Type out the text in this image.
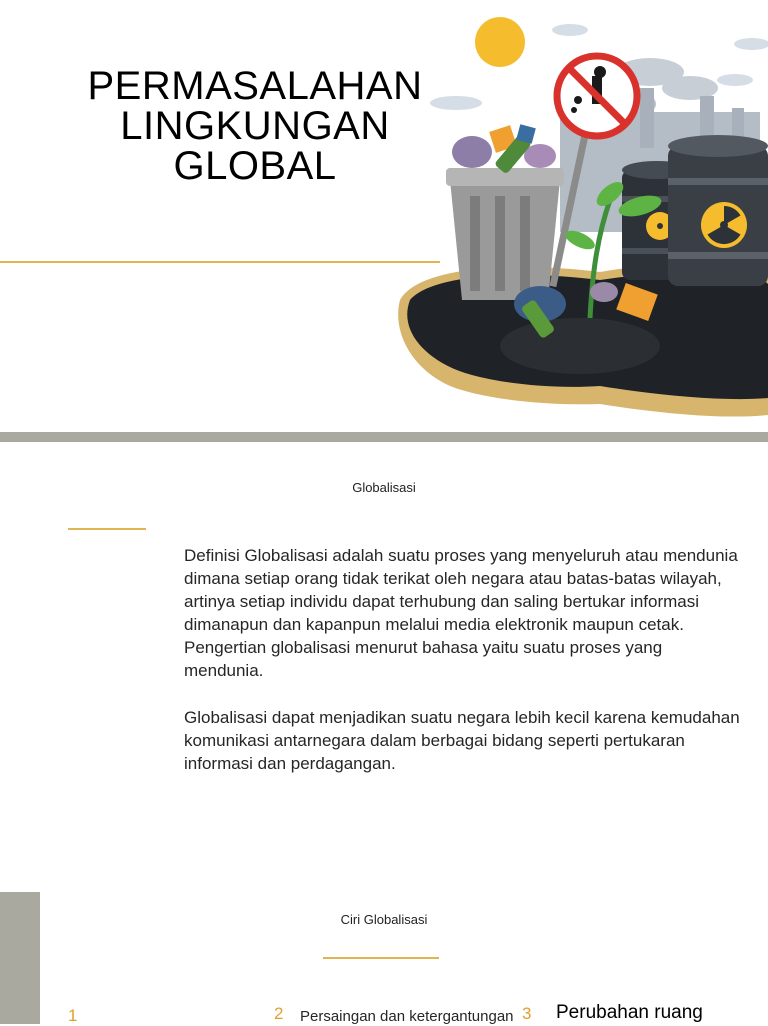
PERMASALAHAN
LINGKUNGAN
GLOBAL
Globalisasi

Definisi Globalisasi adalah suatu proses yang menyeluruh atau mendunia dimana setiap orang tidak terikat oleh negara atau batas-batas wilayah, artinya setiap individu dapat terhubung dan saling bertukar informasi dimanapun dan kapanpun melalui media elektronik maupun cetak. Pengertian globalisasi menurut bahasa yaitu suatu proses yang mendunia.

Globalisasi dapat menjadikan suatu negara lebih kecil karena kemudahan komunikasi antarnegara dalam berbagai bidang seperti pertukaran informasi dan perdagangan.

Ciri Globalisasi
1	2 Persaingan dan ketergantungan 3 Perubahan ruang
